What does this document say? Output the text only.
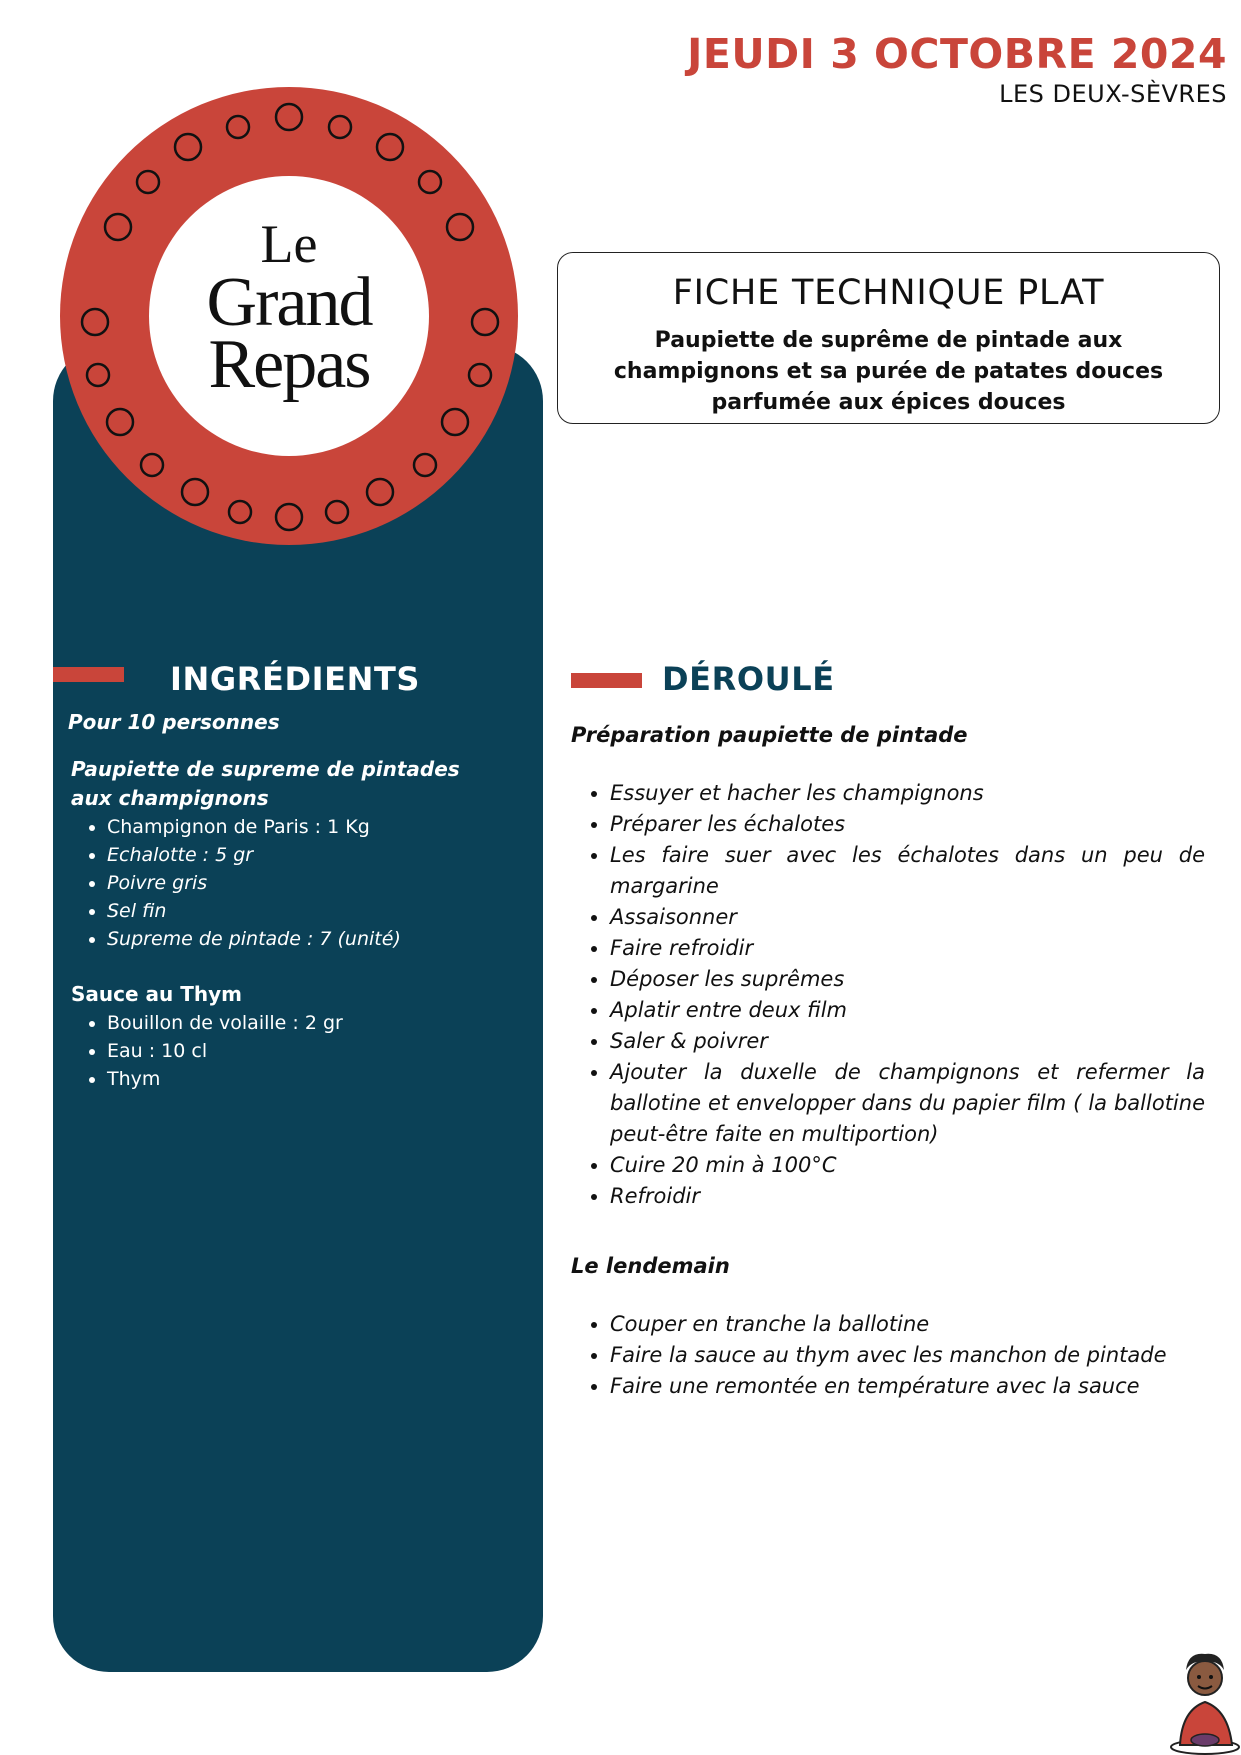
JEUDI 3 OCTOBRE 2024
LES DEUX-SÈVRES
Le
Grand
Repas
FICHE TECHNIQUE PLAT
Paupiette de suprême de pintade aux champignons et sa purée de patates douces parfumée aux épices douces
INGRÉDIENTS
Pour 10 personnes
Paupiette de supreme de pintades aux champignons
• Champignon de Paris : 1 Kg
• Echalotte : 5 gr
• Poivre gris
• Sel fin
• Supreme de pintade : 7 (unité)
Sauce au Thym
• Bouillon de volaille : 2 gr
• Eau : 10 cl
• Thym
DÉROULÉ
Préparation paupiette de pintade
• Essuyer et hacher les champignons
• Préparer les échalotes
• Les faire suer avec les échalotes dans un peu de margarine
• Assaisonner
• Faire refroidir
• Déposer les suprêmes
• Aplatir entre deux film
• Saler & poivrer
• Ajouter la duxelle de champignons et refermer la ballotine et envelopper dans du papier film ( la ballotine peut-être faite en multiportion)
• Cuire 20 min à 100°C
• Refroidir
Le lendemain
• Couper en tranche la ballotine
• Faire la sauce au thym avec les manchon de pintade
• Faire une remontée en température avec la sauce
